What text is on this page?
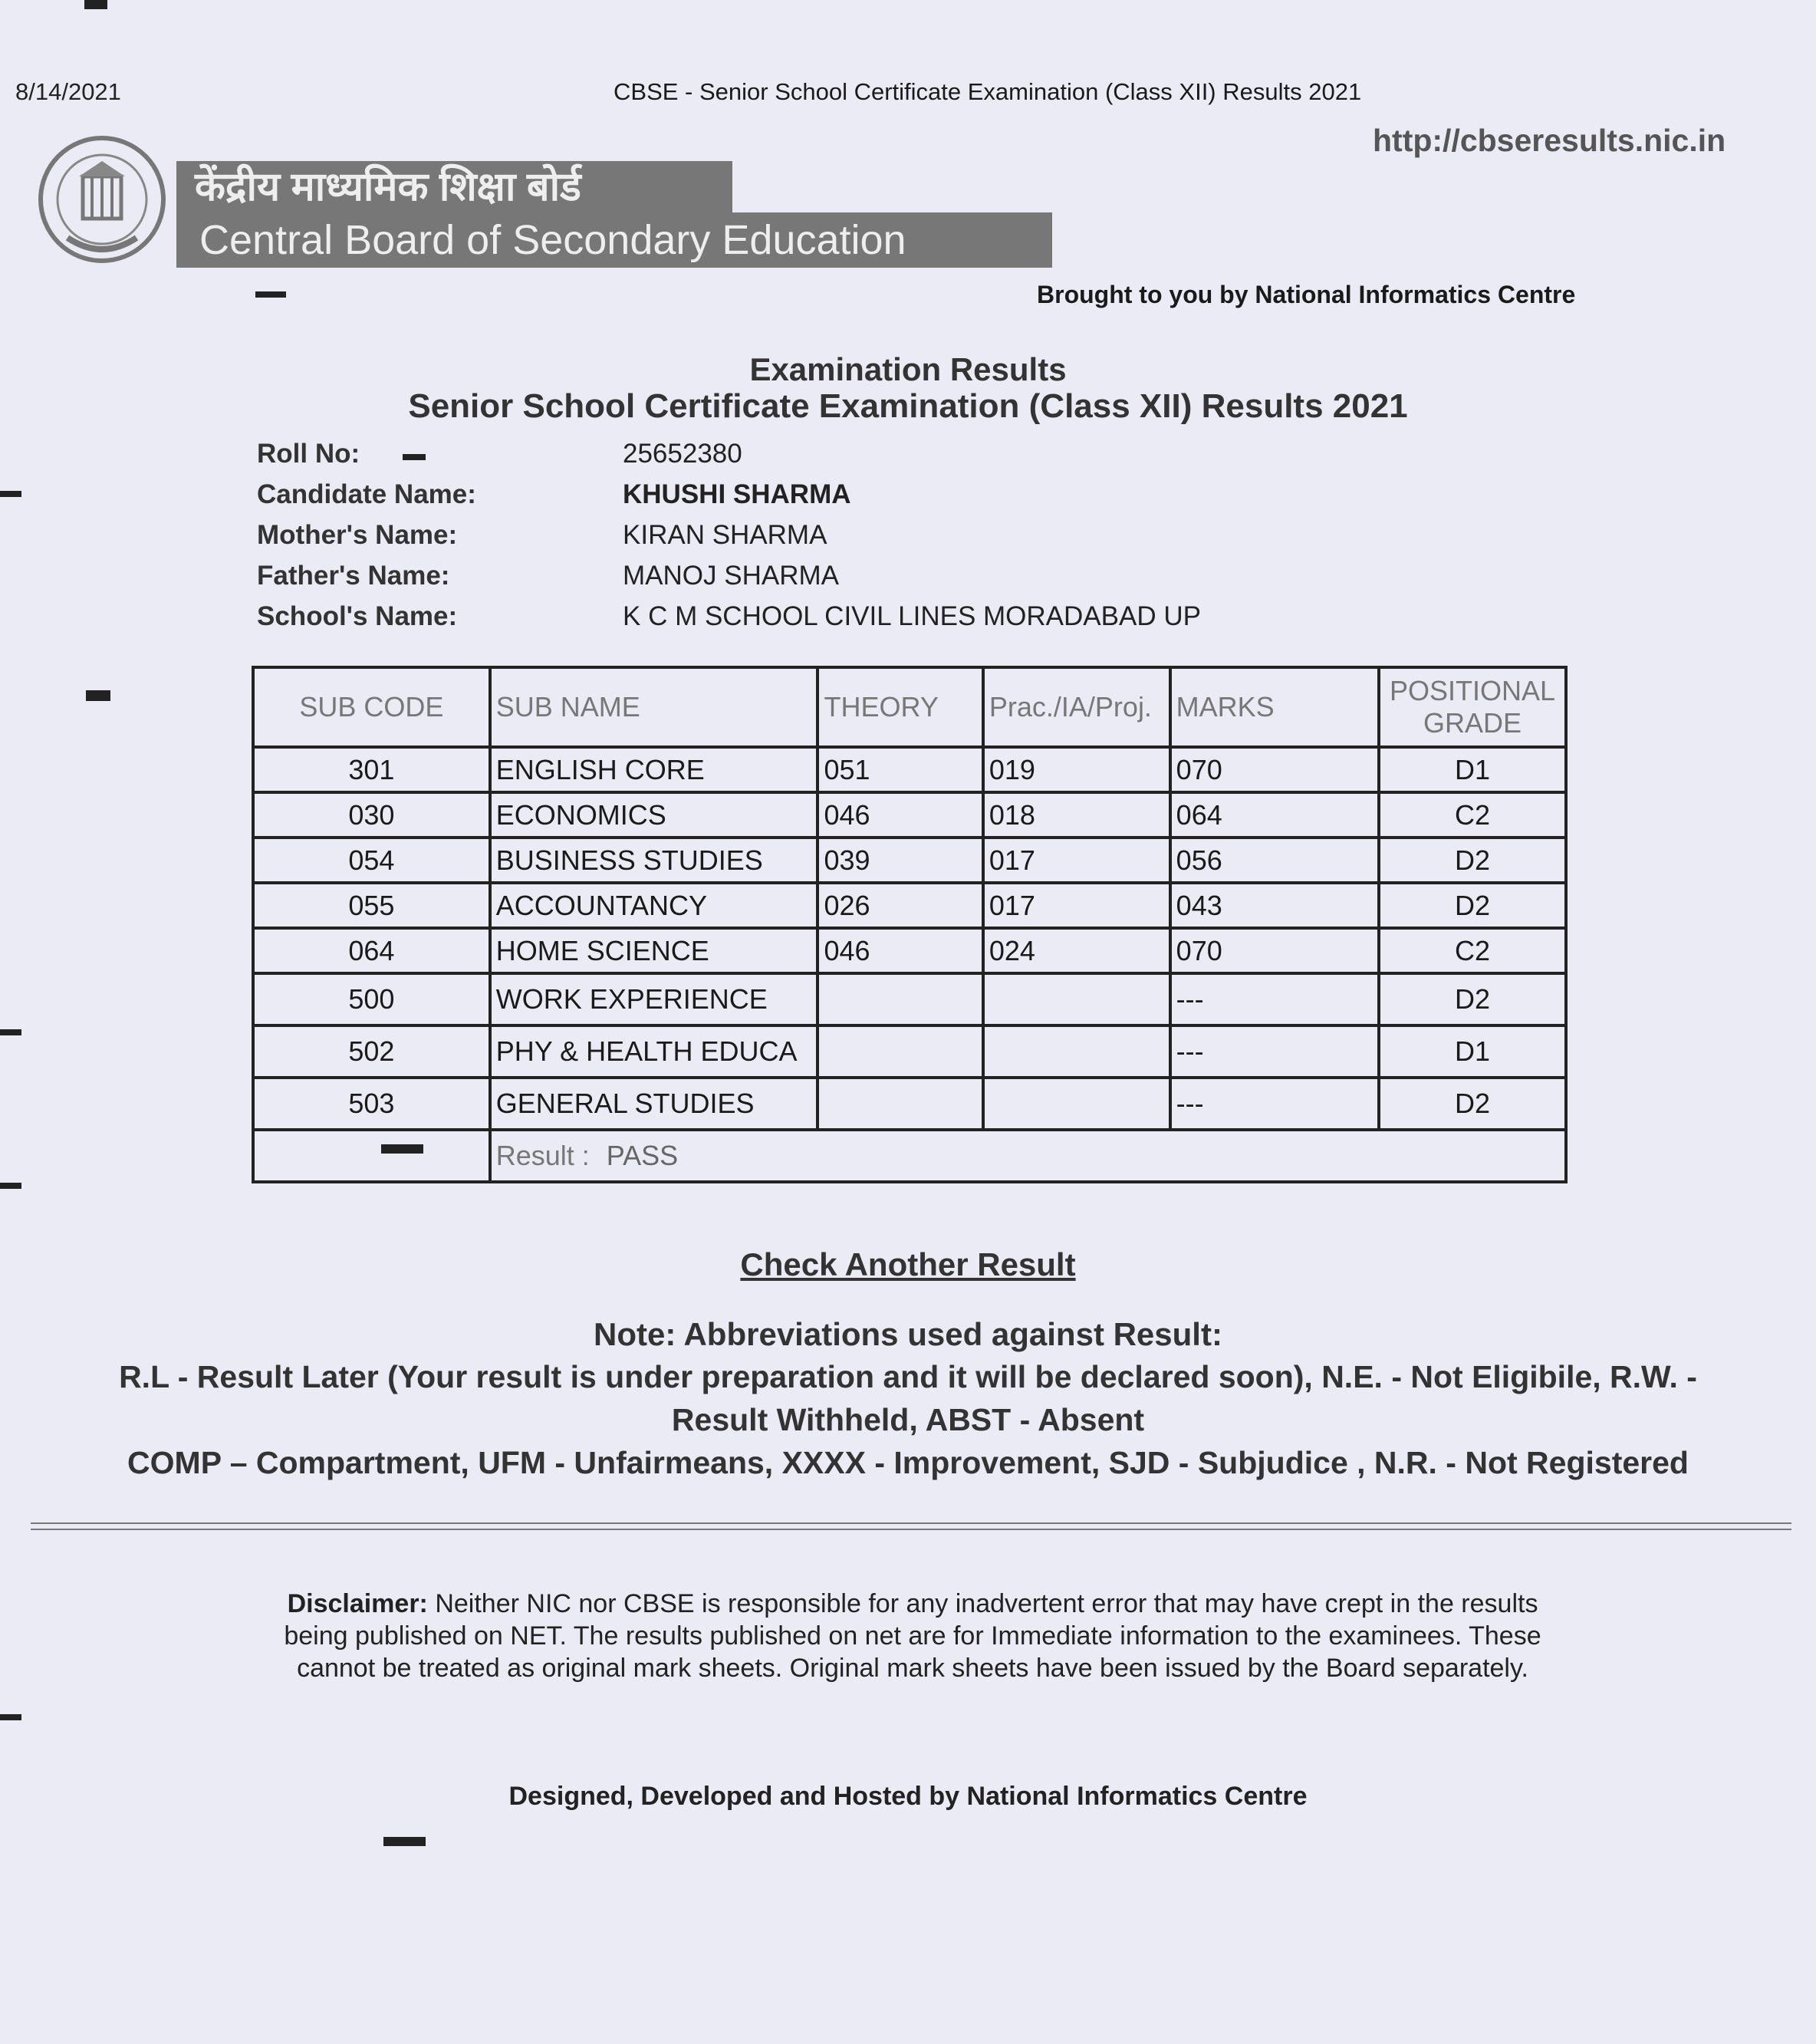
8/14/2021	CBSE - Senior School Certificate Examination (Class XII) Results 2021
http://cbseresults.nic.in
केंद्रीय माध्यमिक शिक्षा बोर्ड
Central Board of Secondary Education
Brought to you by National Informatics Centre
Examination Results
Senior School Certificate Examination (Class XII) Results 2021
Roll No:	25652380
Candidate Name:	KHUSHI SHARMA
Mother's Name:	KIRAN SHARMA
Father's Name:	MANOJ SHARMA
School's Name:	K C M SCHOOL CIVIL LINES MORADABAD UP
SUB CODE	SUB NAME	THEORY	Prac./IA/Proj.	MARKS	POSITIONAL
GRADE

301	ENGLISH CORE	051	019	070	D1
030	ECONOMICS	046	018	064	C2
054	BUSINESS STUDIES	039	017	056	D2
055	ACCOUNTANCY	026	017	043	D2
064	HOME SCIENCE	046	024	070	C2
500	WORK EXPERIENCE			---	D2
502	PHY & HEALTH EDUCA			---	D1
503	GENERAL STUDIES			---	D2
	Result : PASS				
Check Another Result
Note: Abbreviations used against Result:
R.L - Result Later (Your result is under preparation and it will be declared soon), N.E. - Not Eligibile, R.W. -
Result Withheld, ABST - Absent
COMP – Compartment, UFM - Unfairmeans, XXXX - Improvement, SJD - Subjudice , N.R. - Not Registered
Disclaimer: Neither NIC nor CBSE is responsible for any inadvertent error that may have crept in the results being published on NET. The results published on net are for Immediate information to the examinees. These cannot be treated as original mark sheets. Original mark sheets have been issued by the Board separately.
Designed, Developed and Hosted by National Informatics Centre
